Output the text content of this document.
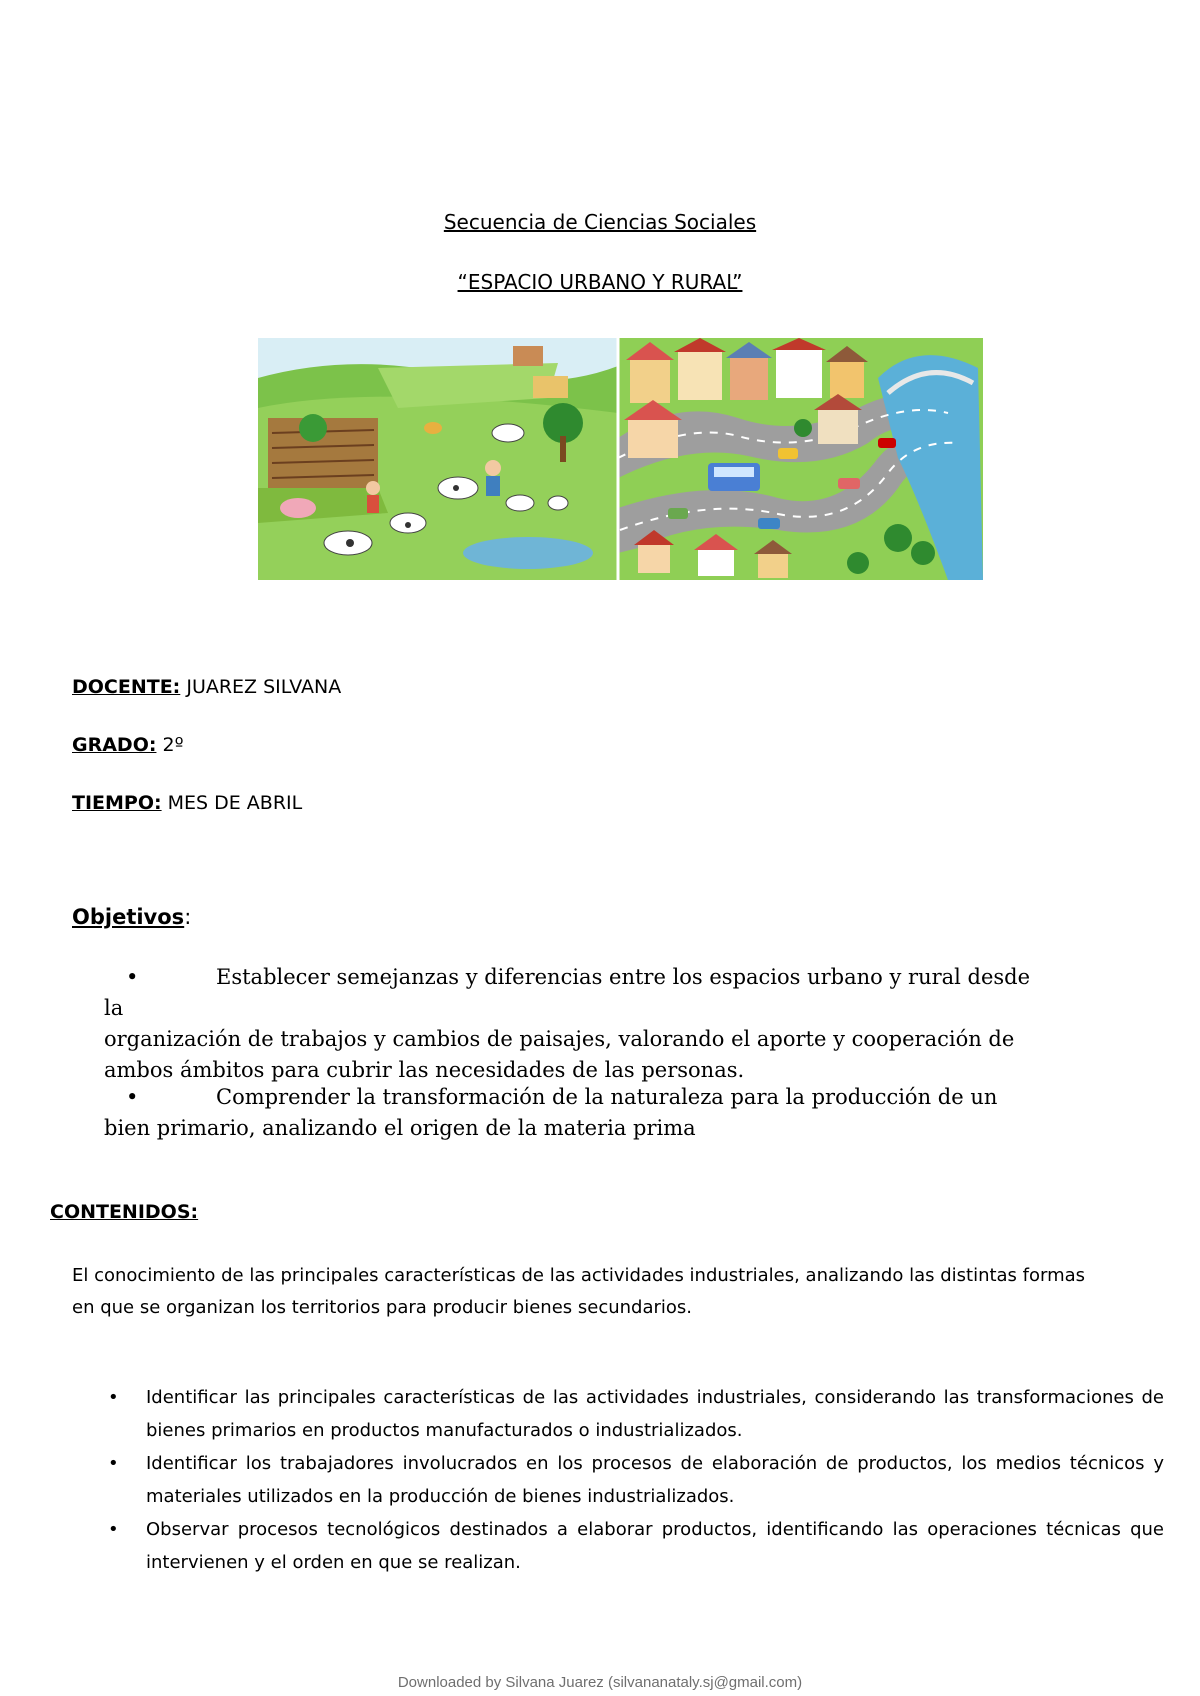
Secuencia de Ciencias Sociales
“ESPACIO URBANO Y RURAL”
DOCENTE: JUAREZ SILVANA
GRADO: 2º
TIEMPO: MES DE ABRIL
Objetivos:
•	Establecer semejanzas y diferencias entre los espacios urbano y rural desde la
organización de trabajos y cambios de paisajes, valorando el aporte y cooperación de ambos ámbitos para cubrir las necesidades de las personas.
•	Comprender la transformación de la naturaleza para la producción de un
bien primario, analizando el origen de la materia prima
CONTENIDOS:
El conocimiento de las principales características de las actividades industriales, analizando las distintas formas en que se organizan los territorios para producir bienes secundarios.
• Identificar las principales características de las actividades industriales, considerando las transformaciones de bienes primarios en productos manufacturados o industrializados.
• Identificar los trabajadores involucrados en los procesos de elaboración de productos, los medios técnicos y materiales utilizados en la producción de bienes industrializados.
• Observar procesos tecnológicos destinados a elaborar productos, identificando las operaciones técnicas que intervienen y el orden en que se realizan.
Downloaded by Silvana Juarez (silvananataly.sj@gmail.com)
